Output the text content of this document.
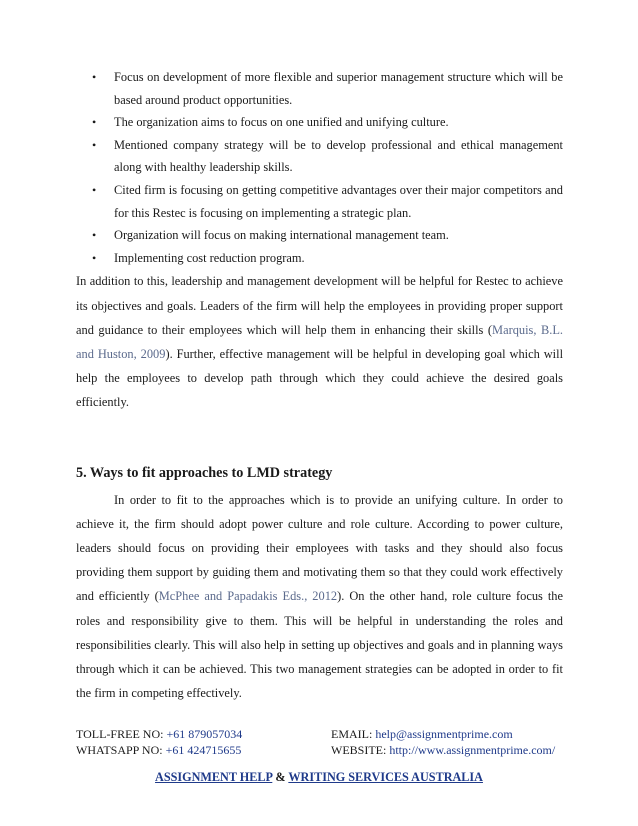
• Focus on development of more flexible and superior management structure which will be based around product opportunities.
• The organization aims to focus on one unified and unifying culture.
• Mentioned company strategy will be to develop professional and ethical management along with healthy leadership skills.
• Cited firm is focusing on getting competitive advantages over their major competitors and for this Restec is focusing on implementing a strategic plan.
• Organization will focus on making international management team.
• Implementing cost reduction program.

In addition to this, leadership and management development will be helpful for Restec to achieve its objectives and goals. Leaders of the firm will help the employees in providing proper support and guidance to their employees which will help them in enhancing their skills (Marquis, B.L. and Huston, 2009). Further, effective management will be helpful in developing goal which will help the employees to develop path through which they could achieve the desired goals efficiently.

5. Ways to fit approaches to LMD strategy

In order to fit to the approaches which is to provide an unifying culture. In order to achieve it, the firm should adopt power culture and role culture. According to power culture, leaders should focus on providing their employees with tasks and they should also focus providing them support by guiding them and motivating them so that they could work effectively and efficiently (McPhee and Papadakis Eds., 2012). On the other hand, role culture focus the roles and responsibility give to them. This will be helpful in understanding the roles and responsibilities clearly. This will also help in setting up objectives and goals and in planning ways through which it can be achieved. This two management strategies can be adopted in order to fit the firm in competing effectively.

TOLL-FREE NO: +61 879057034	EMAIL: help@assignmentprime.com
WHATSAPP NO: +61 424715655	WEBSITE: http://www.assignmentprime.com/
ASSIGNMENT HELP & WRITING SERVICES AUSTRALIA
